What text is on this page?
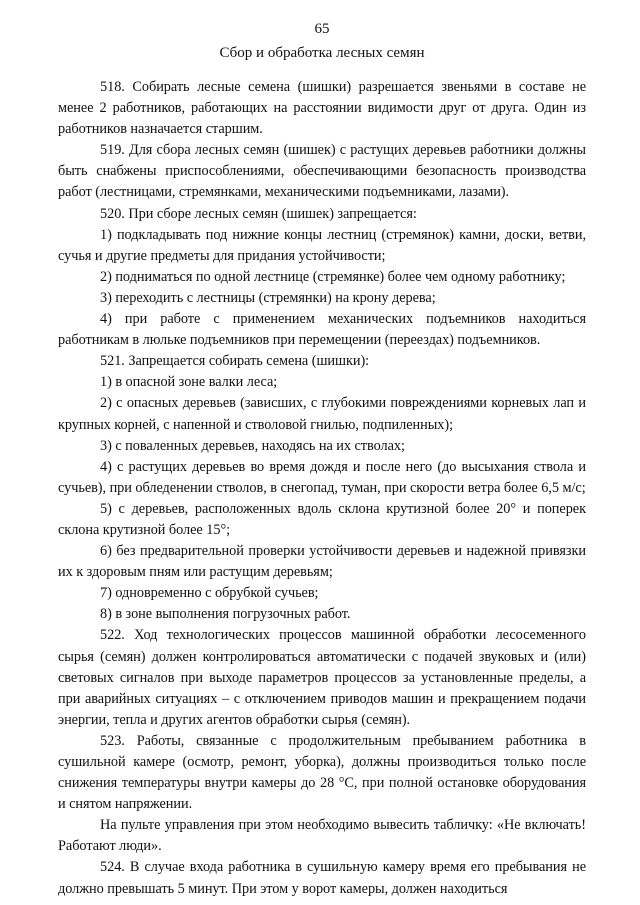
65
Сбор и обработка лесных семян

518. Собирать лесные семена (шишки) разрешается звеньями в составе не менее 2 работников, работающих на расстоянии видимости друг от друга. Один из работников назначается старшим.

519. Для сбора лесных семян (шишек) с растущих деревьев работники должны быть снабжены приспособлениями, обеспечивающими безопасность производства работ (лестницами, стремянками, механическими подъемниками, лазами).

520. При сборе лесных семян (шишек) запрещается:

1) подкладывать под нижние концы лестниц (стремянок) камни, доски, ветви, сучья и другие предметы для придания устойчивости;

2) подниматься по одной лестнице (стремянке) более чем одному работнику;

3) переходить с лестницы (стремянки) на крону дерева;

4) при работе с применением механических подъемников находиться работникам в люльке подъемников при перемещении (переездах) подъемников.

521. Запрещается собирать семена (шишки):

1) в опасной зоне валки леса;

2) с опасных деревьев (зависших, с глубокими повреждениями корневых лап и крупных корней, с напенной и стволовой гнилью, подпиленных);

3) с поваленных деревьев, находясь на их стволах;

4) с растущих деревьев во время дождя и после него (до высыхания ствола и сучьев), при обледенении стволов, в снегопад, туман, при скорости ветра более 6,5 м/с;

5) с деревьев, расположенных вдоль склона крутизной более 20° и поперек склона крутизной более 15°;

6) без предварительной проверки устойчивости деревьев и надежной привязки их к здоровым пням или растущим деревьям;

7) одновременно с обрубкой сучьев;

8) в зоне выполнения погрузочных работ.

522. Ход технологических процессов машинной обработки лесосеменного сырья (семян) должен контролироваться автоматически с подачей звуковых и (или) световых сигналов при выходе параметров процессов за установленные пределы, а при аварийных ситуациях – с отключением приводов машин и прекращением подачи энергии, тепла и других агентов обработки сырья (семян).

523. Работы, связанные с продолжительным пребыванием работника в сушильной камере (осмотр, ремонт, уборка), должны производиться только после снижения температуры внутри камеры до 28 °С, при полной остановке оборудования и снятом напряжении.

На пульте управления при этом необходимо вывесить табличку: «Не включать! Работают люди».

524. В случае входа работника в сушильную камеру время его пребывания не должно превышать 5 минут. При этом у ворот камеры, должен находиться
